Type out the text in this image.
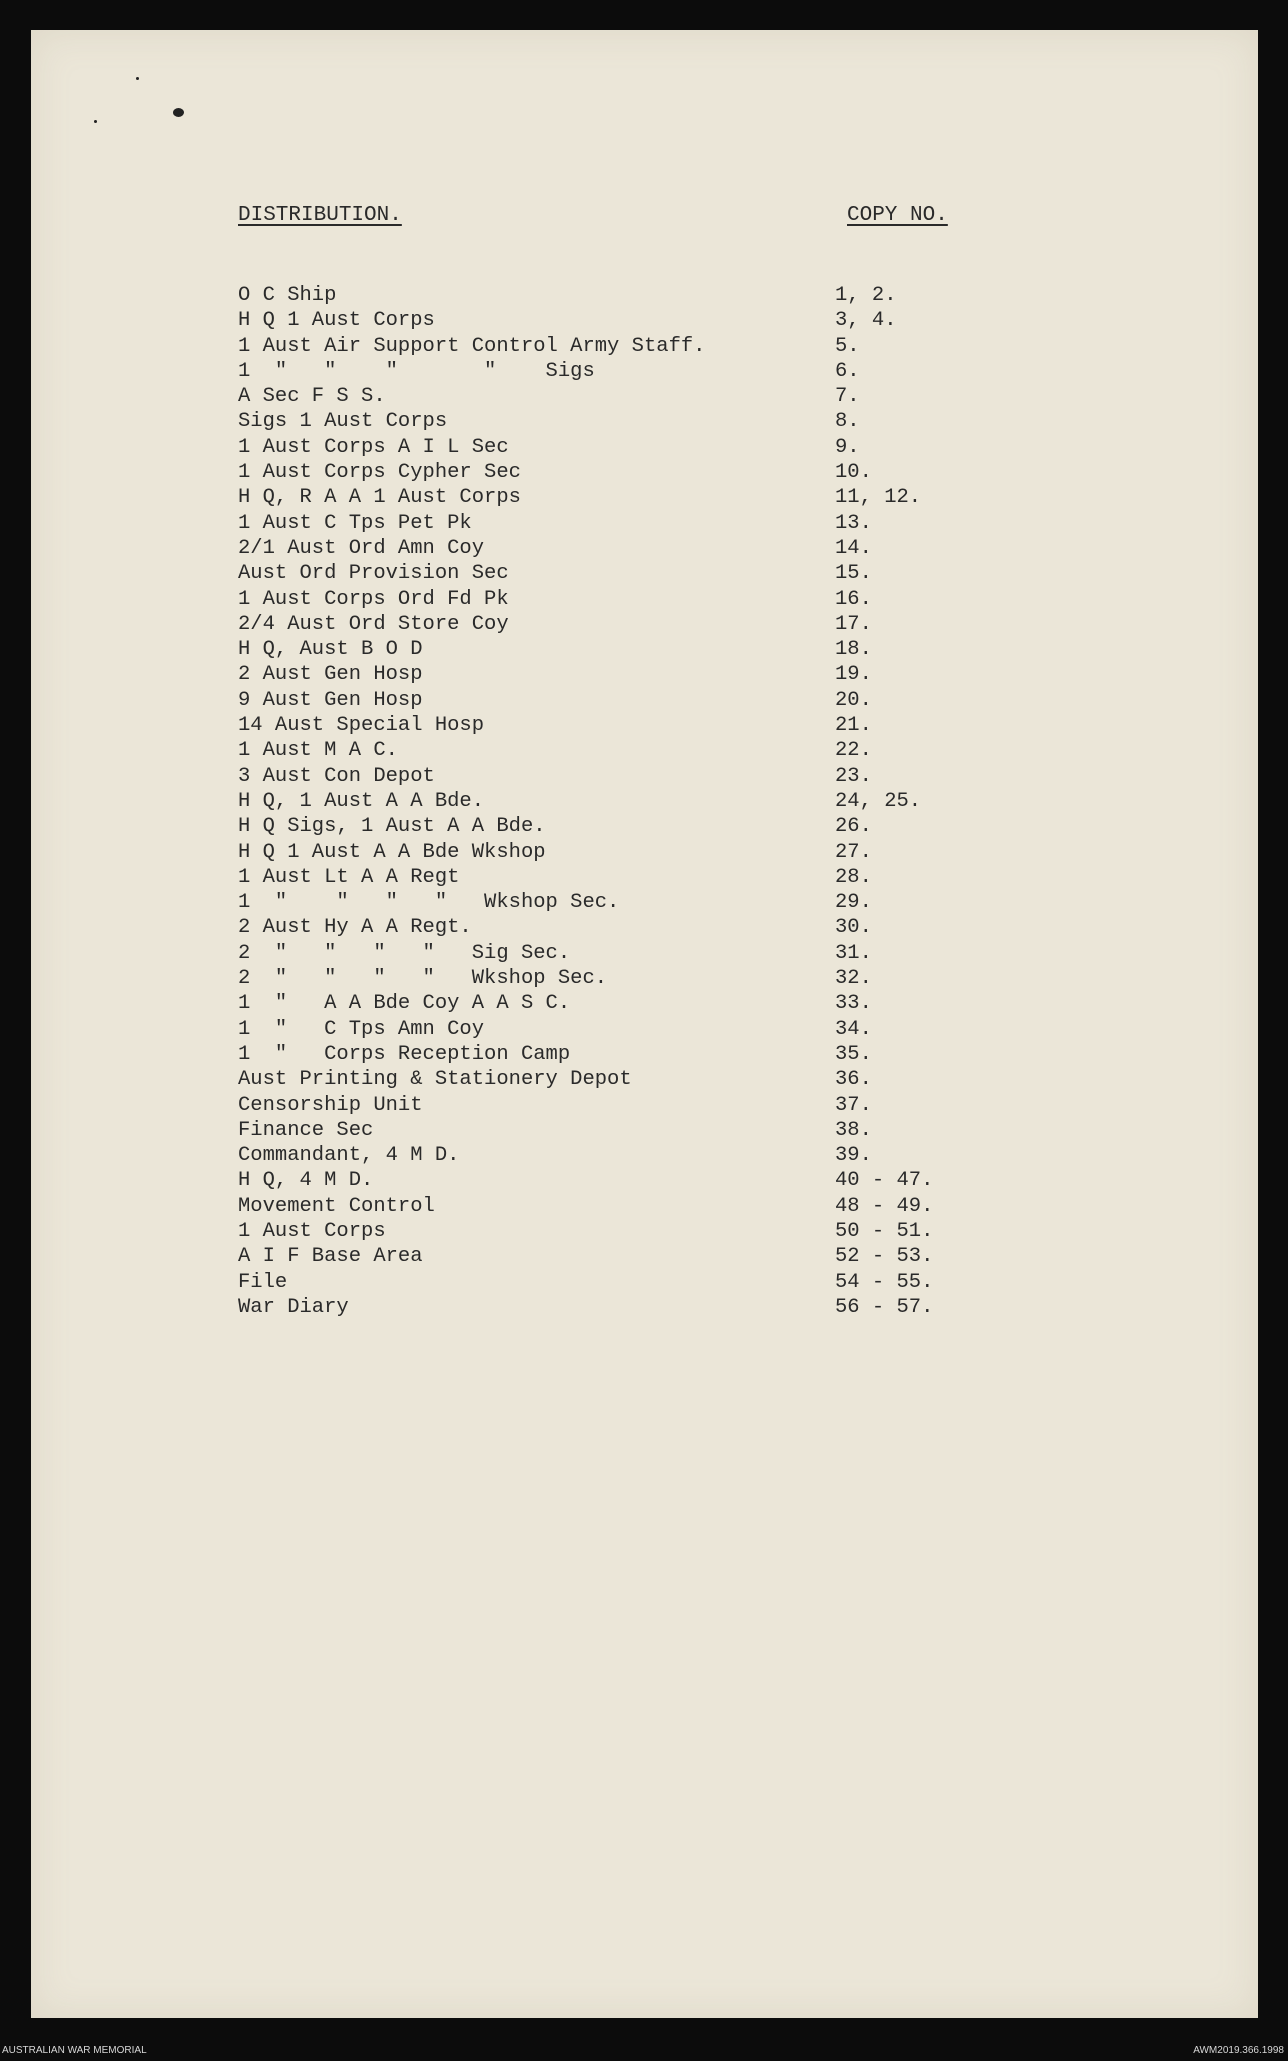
DISTRIBUTION.	COPY NO.
O C Ship	1, 2.
H Q 1 Aust Corps	3, 4.
1 Aust Air Support Control Army Staff.	5.
1  "   "    "       "    Sigs	6.
A Sec F S S.	7.
Sigs 1 Aust Corps	8.
1 Aust Corps A I L Sec	9.
1 Aust Corps Cypher Sec	10.
H Q, R A A 1 Aust Corps	11, 12.
1 Aust C Tps Pet Pk	13.
2/1 Aust Ord Amn Coy	14.
Aust Ord Provision Sec	15.
1 Aust Corps Ord Fd Pk	16.
2/4 Aust Ord Store Coy	17.
H Q, Aust B O D	18.
2 Aust Gen Hosp	19.
9 Aust Gen Hosp	20.
14 Aust Special Hosp	21.
1 Aust M A C.	22.
3 Aust Con Depot	23.
H Q, 1 Aust A A Bde.	24, 25.
H Q Sigs, 1 Aust A A Bde.	26.
H Q 1 Aust A A Bde Wkshop	27.
1 Aust Lt A A Regt	28.
1  "    "   "   "   Wkshop Sec.	29.
2 Aust Hy A A Regt.	30.
2  "   "   "   "   Sig Sec.	31.
2  "   "   "   "   Wkshop Sec.	32.
1  "   A A Bde Coy A A S C.	33.
1  "   C Tps Amn Coy	34.
1  "   Corps Reception Camp	35.
Aust Printing & Stationery Depot	36.
Censorship Unit	37.
Finance Sec	38.
Commandant, 4 M D.	39.
H Q, 4 M D.	40 - 47.
Movement Control	48 - 49.
1 Aust Corps	50 - 51.
A I F Base Area	52 - 53.
File	54 - 55.
War Diary	56 - 57.
AUSTRALIAN WAR MEMORIAL	AWM2019.366.1998
